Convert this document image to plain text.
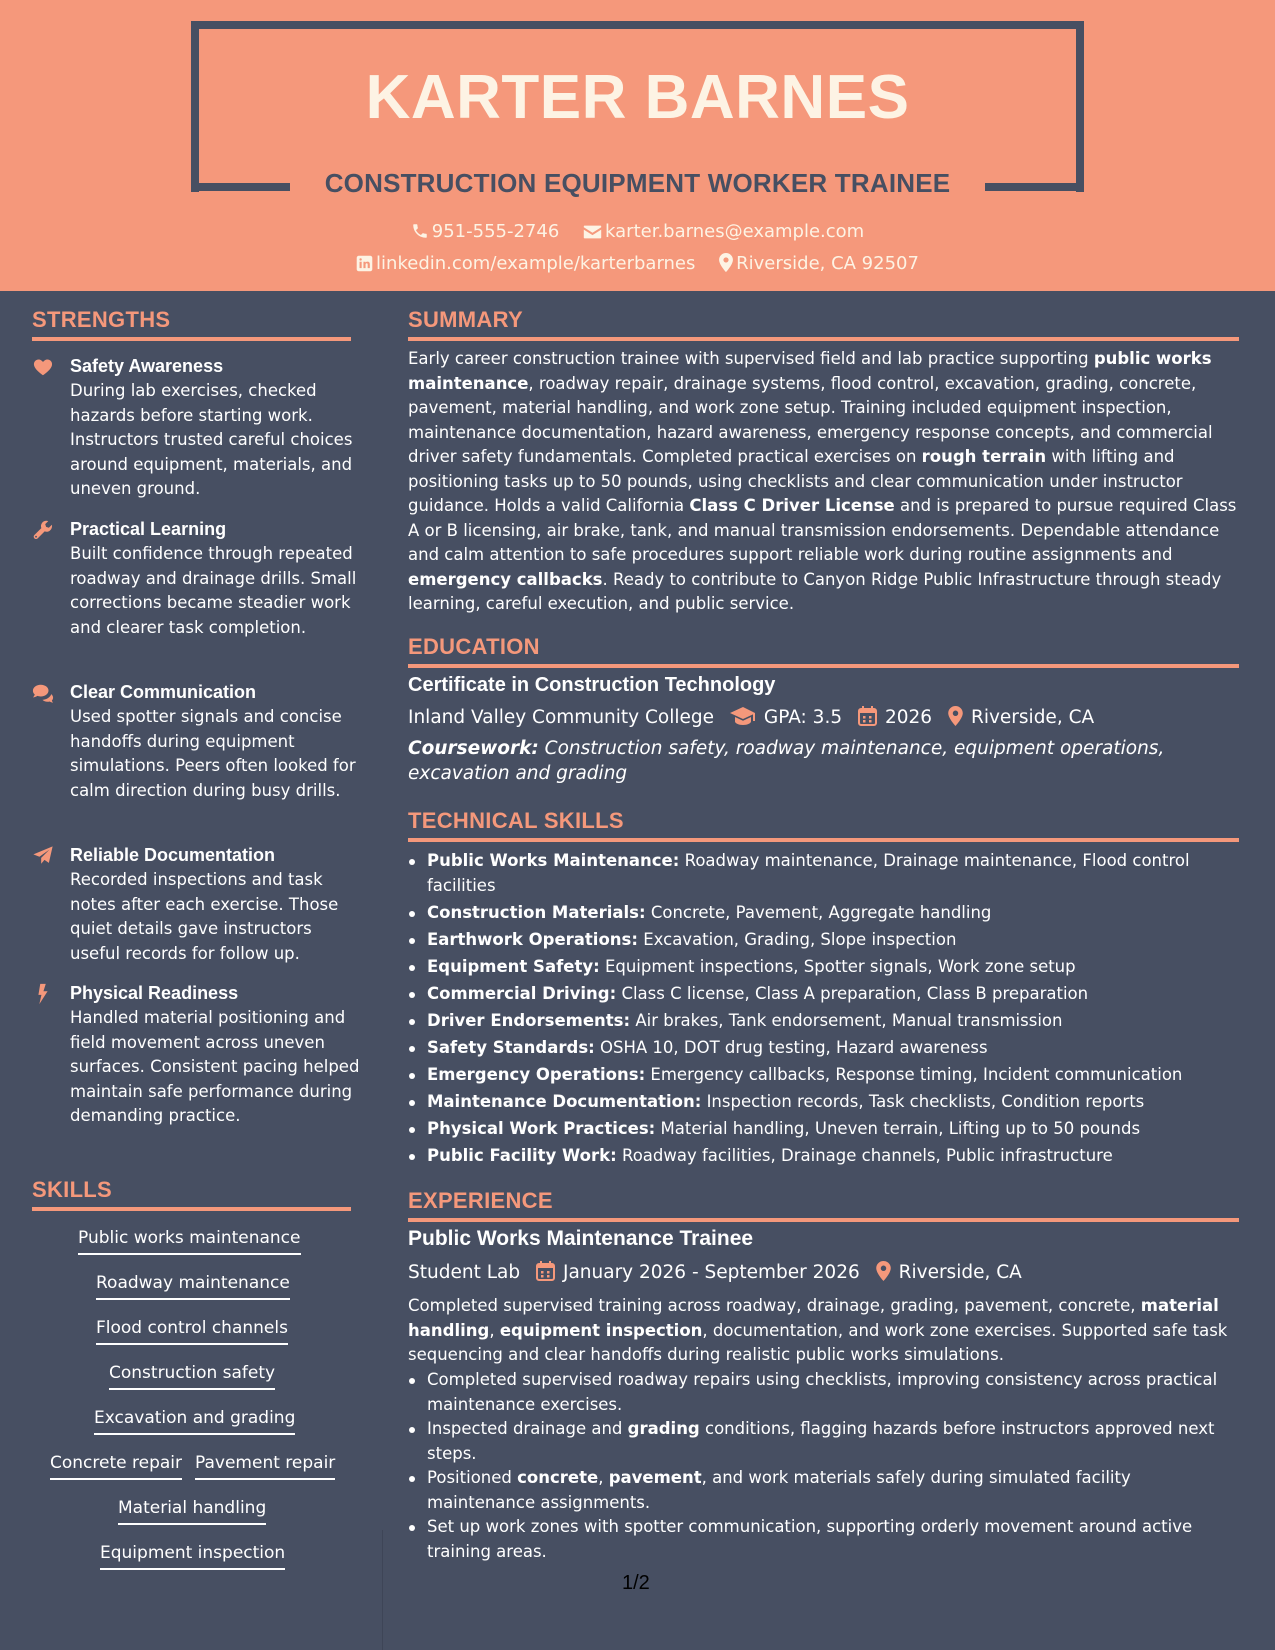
KARTER BARNES
CONSTRUCTION EQUIPMENT WORKER TRAINEE
951-555-2746	karter.barnes@example.com
linkedin.com/example/karterbarnes Riverside, CA 92507
STRENGTHS
Safety Awareness
During lab exercises, checked hazards before starting work. Instructors trusted careful choices around equipment, materials, and uneven ground.
Practical Learning
Built confidence through repeated roadway and drainage drills. Small corrections became steadier work and clearer task completion.
Clear Communication
Used spotter signals and concise handoffs during equipment simulations. Peers often looked for calm direction during busy drills.
Reliable Documentation
Recorded inspections and task notes after each exercise. Those quiet details gave instructors useful records for follow up.
Physical Readiness
Handled material positioning and field movement across uneven surfaces. Consistent pacing helped maintain safe performance during demanding practice.
SKILLS
Public works maintenance
Roadway maintenance
Flood control channels
Construction safety
Excavation and grading
Concrete repair Pavement repair
Material handling
Equipment inspection
SUMMARY
Early career construction trainee with supervised field and lab practice supporting public works maintenance, roadway repair, drainage systems, flood control, excavation, grading, concrete, pavement, material handling, and work zone setup. Training included equipment inspection, maintenance documentation, hazard awareness, emergency response concepts, and commercial driver safety fundamentals. Completed practical exercises on rough terrain with lifting and positioning tasks up to 50 pounds, using checklists and clear communication under instructor guidance. Holds a valid California Class C Driver License and is prepared to pursue required Class A or B licensing, air brake, tank, and manual transmission endorsements. Dependable attendance and calm attention to safe procedures support reliable work during routine assignments and emergency callbacks. Ready to contribute to Canyon Ridge Public Infrastructure through steady learning, careful execution, and public service.
EDUCATION
Certificate in Construction Technology
Inland Valley Community College	GPA: 3.5 2026 Riverside, CA
Coursework: Construction safety, roadway maintenance, equipment operations, excavation and grading
TECHNICAL SKILLS
Public Works Maintenance: Roadway maintenance, Drainage maintenance, Flood control facilities
Construction Materials: Concrete, Pavement, Aggregate handling
Earthwork Operations: Excavation, Grading, Slope inspection
Equipment Safety: Equipment inspections, Spotter signals, Work zone setup
Commercial Driving: Class C license, Class A preparation, Class B preparation
Driver Endorsements: Air brakes, Tank endorsement, Manual transmission
Safety Standards: OSHA 10, DOT drug testing, Hazard awareness
Emergency Operations: Emergency callbacks, Response timing, Incident communication
Maintenance Documentation: Inspection records, Task checklists, Condition reports
Physical Work Practices: Material handling, Uneven terrain, Lifting up to 50 pounds
Public Facility Work: Roadway facilities, Drainage channels, Public infrastructure
EXPERIENCE
Public Works Maintenance Trainee
Student Lab January 2026 - September 2026 Riverside, CA
Completed supervised training across roadway, drainage, grading, pavement, concrete, material handling, equipment inspection, documentation, and work zone exercises. Supported safe task sequencing and clear handoffs during realistic public works simulations.
Completed supervised roadway repairs using checklists, improving consistency across practical maintenance exercises.
Inspected drainage and grading conditions, flagging hazards before instructors approved next steps.
Positioned concrete, pavement, and work materials safely during simulated facility maintenance assignments.
Set up work zones with spotter communication, supporting orderly movement around active training areas.
1/2
